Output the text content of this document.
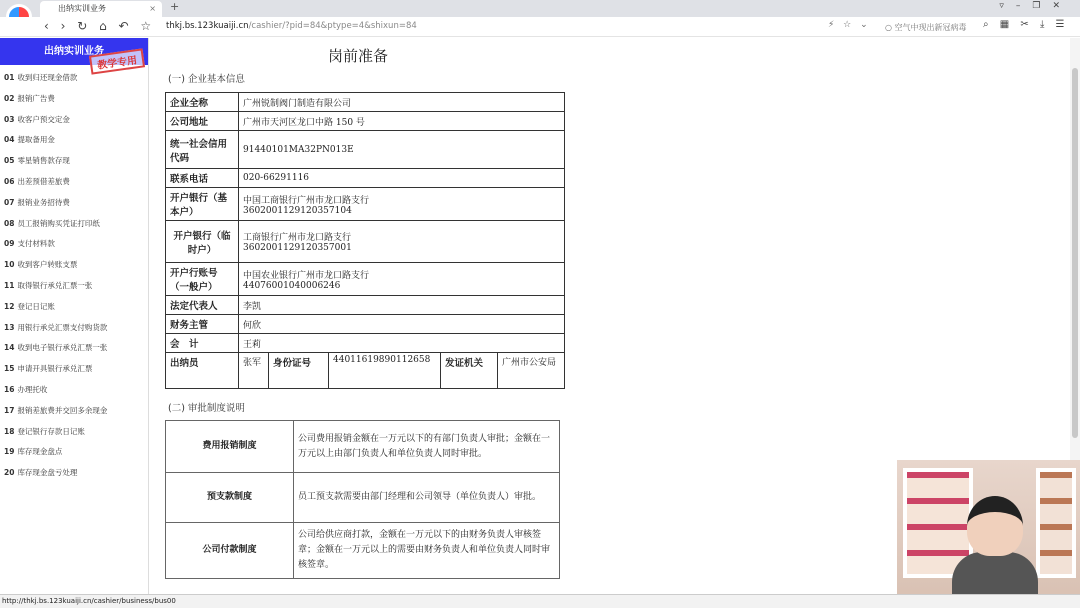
出纳实训业务	× +	▿–❐✕
‹ › ↻ ⌂ ↶ ☆ thkj.bs.123kuaiji.cn/cashier/?pid=84&ptype=4&shixun=84	⚡ ☆ ⌄ ○ 空气中现出新冠病毒 ⌕ ▦ ✂ ⤓ ☰
出纳实训业务
教学专用
01 收到归还现金借款
02 报销广告费
03 收客户预交定金
04 提取备用金
05 零星销售款存现
06 出差预借差旅费
07 报销业务招待费
08 员工报销购买凭证打印纸
09 支付材料款
10 收到客户转账支票
11 取得银行承兑汇票一张
12 登记日记账
13 用银行承兑汇票支付购货款
14 收到电子银行承兑汇票一张
15 申请开具银行承兑汇票
16 办理托收
17 报销差旅费并交回多余现金
18 登记银行存款日记账
19 库存现金盘点
20 库存现金盘亏处理
岗前准备
(一) 企业基本信息
企业全称	广州锐制阀门制造有限公司				
公司地址	广州市天河区龙口中路 150 号				
统一社会信用代码	91440101MA32PN013E				
联系电话	020-66291116				
开户银行（基本户）	中国工商银行广州市龙口路支行
3602001129120357104				

开户银行（临时户）	工商银行广州市龙口路支行
3602001129120357001				

开户行账号（一般户）	中国农业银行广州市龙口路支行
44076001040006246				

法定代表人	李凯				
财务主管	何欣				
会　计	王莉				
出纳员	张军	身份证号	440116198901126​58	发证机关	广州市公安局
(二) 审批制度说明
费用报销制度	公司费用报销金额在一万元以下的有部门负责人审批；金额在一万元以上由部门负责人和单位负责人同时审批。
预支款制度	员工预支款需要由部门经理和公司领导（单位负责人）审批。
公司付款制度	公司给供应商打款，金额在一万元以下的由财务负责人审核签章；金额在一万元以上的需要由财务负责人和单位负责人同时审核签章。
http://thkj.bs.123kuaiji.cn/cashier/business/bus00
